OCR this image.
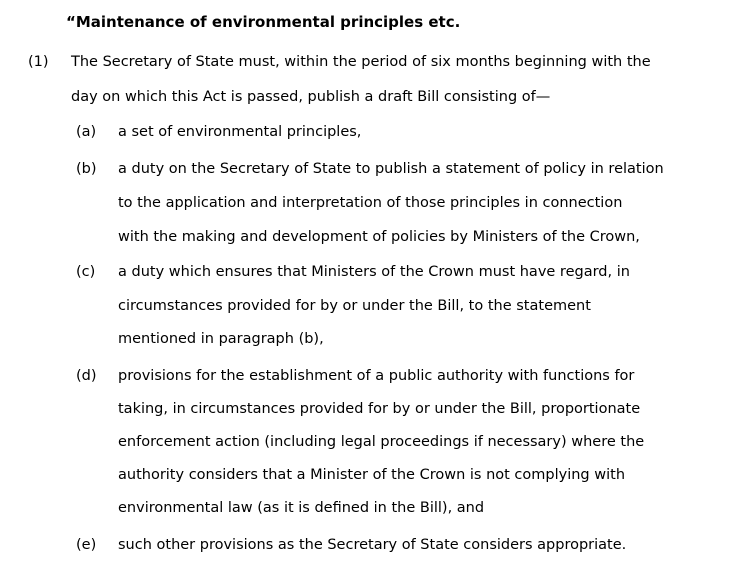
“Maintenance of environmental principles etc.
(1) The Secretary of State must, within the period of six months beginning with the
day on which this Act is passed, publish a draft Bill consisting of—
(a) a set of environmental principles,
(b) a duty on the Secretary of State to publish a statement of policy in relation
to the application and interpretation of those principles in connection
with the making and development of policies by Ministers of the Crown,
(c) a duty which ensures that Ministers of the Crown must have regard, in
circumstances provided for by or under the Bill, to the statement
mentioned in paragraph (b),
(d) provisions for the establishment of a public authority with functions for
taking, in circumstances provided for by or under the Bill, proportionate
enforcement action (including legal proceedings if necessary) where the
authority considers that a Minister of the Crown is not complying with
environmental law (as it is defined in the Bill), and
(e) such other provisions as the Secretary of State considers appropriate.
